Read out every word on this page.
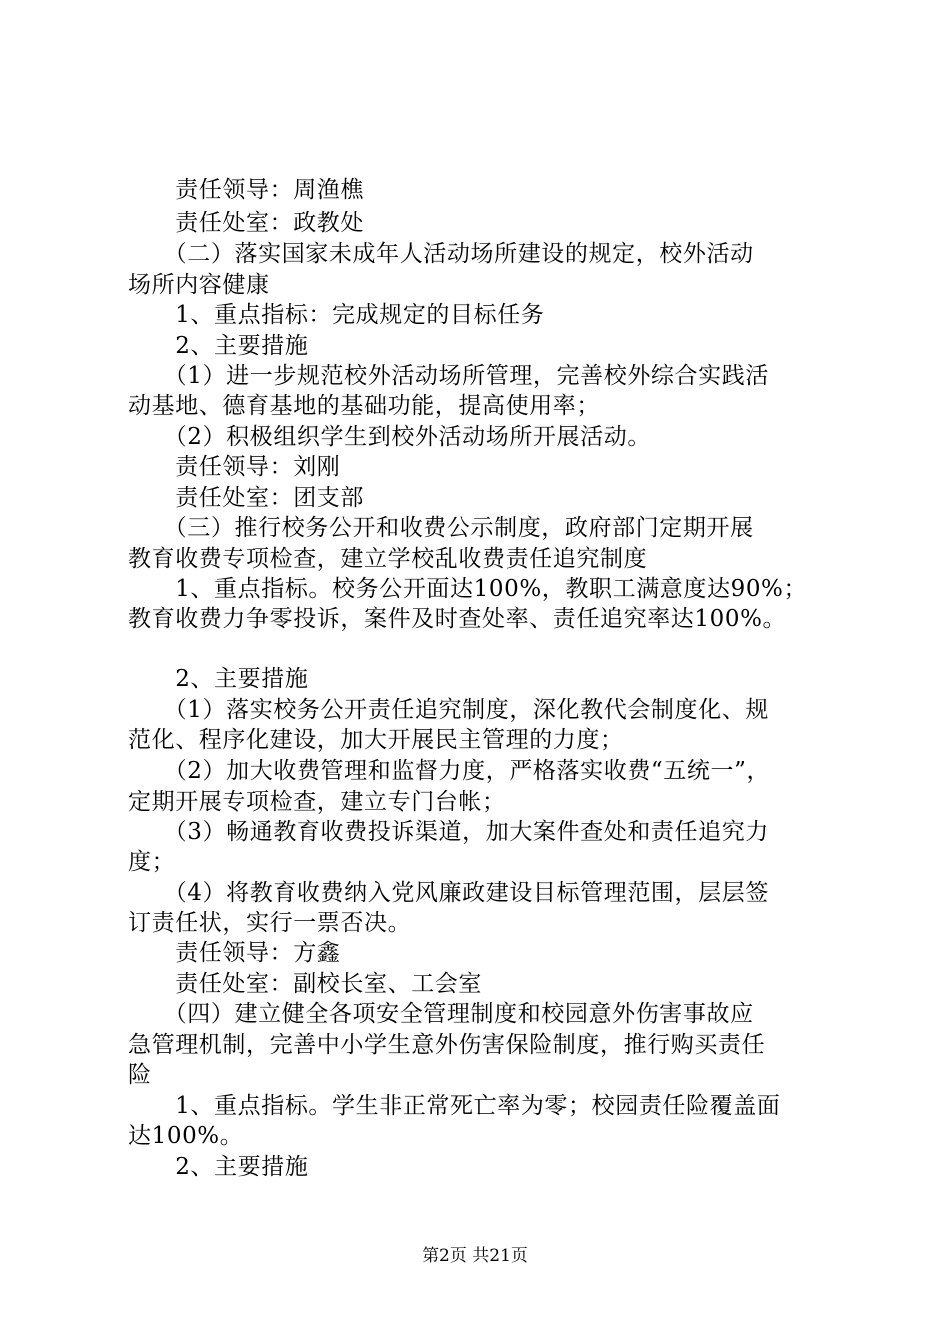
　　责任领导：周渔樵
　　责任处室：政教处
　　（二）落实国家未成年人活动场所建设的规定，校外活动
场所内容健康
　　1、重点指标：完成规定的目标任务
　　2、主要措施
　　（1）进一步规范校外活动场所管理，完善校外综合实践活
动基地、德育基地的基础功能，提高使用率；
　　（2）积极组织学生到校外活动场所开展活动。
　　责任领导：刘刚
　　责任处室：团支部
　　（三）推行校务公开和收费公示制度，政府部门定期开展
教育收费专项检查，建立学校乱收费责任追究制度
　　1、重点指标。校务公开面达100%，教职工满意度达90%；
教育收费力争零投诉，案件及时查处率、责任追究率达100%。
　　2、主要措施
　　（1）落实校务公开责任追究制度，深化教代会制度化、规
范化、程序化建设，加大开展民主管理的力度；
　　（2）加大收费管理和监督力度，严格落实收费“五统一”，
定期开展专项检查，建立专门台帐；
　　（3）畅通教育收费投诉渠道，加大案件查处和责任追究力
度；
　　（4）将教育收费纳入党风廉政建设目标管理范围，层层签
订责任状，实行一票否决。
　　责任领导：方鑫
　　责任处室：副校长室、工会室
　　（四）建立健全各项安全管理制度和校园意外伤害事故应
急管理机制，完善中小学生意外伤害保险制度，推行购买责任
险
　　1、重点指标。学生非正常死亡率为零；校园责任险覆盖面
达100%。
　　2、主要措施
第2页 共21页
